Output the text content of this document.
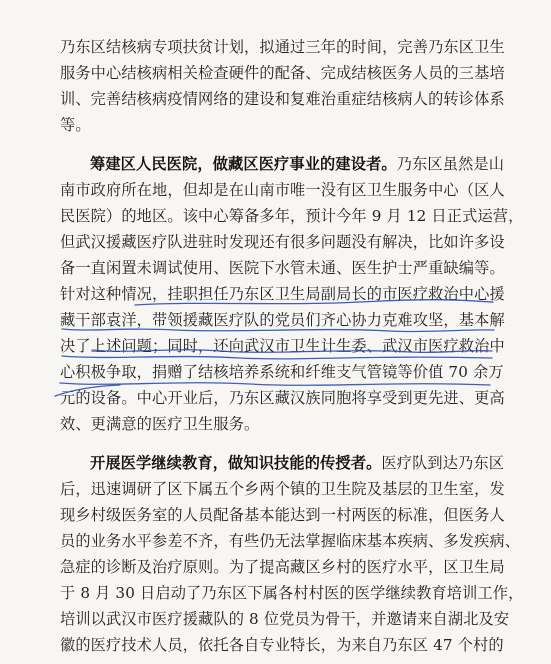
乃东区结核病专项扶贫计划，拟通过三年的时间，完善乃东区卫生
服务中心结核病相关检查硬件的配备、完成结核医务人员的三基培
训、完善结核病疫情网络的建设和复难治重症结核病人的转诊体系
等。
筹建区人民医院，做藏区医疗事业的建设者。乃东区虽然是山
南市政府所在地，但却是在山南市唯一没有区卫生服务中心（区人
民医院）的地区。该中心筹备多年，预计今年 9 月 12 日正式运营，
但武汉援藏医疗队进驻时发现还有很多问题没有解决，比如许多设
备一直闲置未调试使用、医院下水管未通、医生护士严重缺编等。
针对这种情况，挂职担任乃东区卫生局副局长的市医疗救治中心援
藏干部袁洋，带领援藏医疗队的党员们齐心协力克难攻坚，基本解
决了上述问题；同时，还向武汉市卫生计生委、武汉市医疗救治中
心积极争取，捐赠了结核培养系统和纤维支气管镜等价值 70 余万
元的设备。中心开业后，乃东区藏汉族同胞将享受到更先进、更高
效、更满意的医疗卫生服务。
开展医学继续教育，做知识技能的传授者。医疗队到达乃东区
后，迅速调研了区下属五个乡两个镇的卫生院及基层的卫生室，发
现乡村级医务室的人员配备基本能达到一村两医的标准，但医务人
员的业务水平参差不齐，有些仍无法掌握临床基本疾病、多发疾病、
急症的诊断及治疗原则。为了提高藏区乡村的医疗水平，区卫生局
于 8 月 30 日启动了乃东区下属各村村医的医学继续教育培训工作，
培训以武汉市医疗援藏队的 8 位党员为骨干，并邀请来自湖北及安
徽的医疗技术人员，依托各自专业特长，为来自乃东区 47 个村的
